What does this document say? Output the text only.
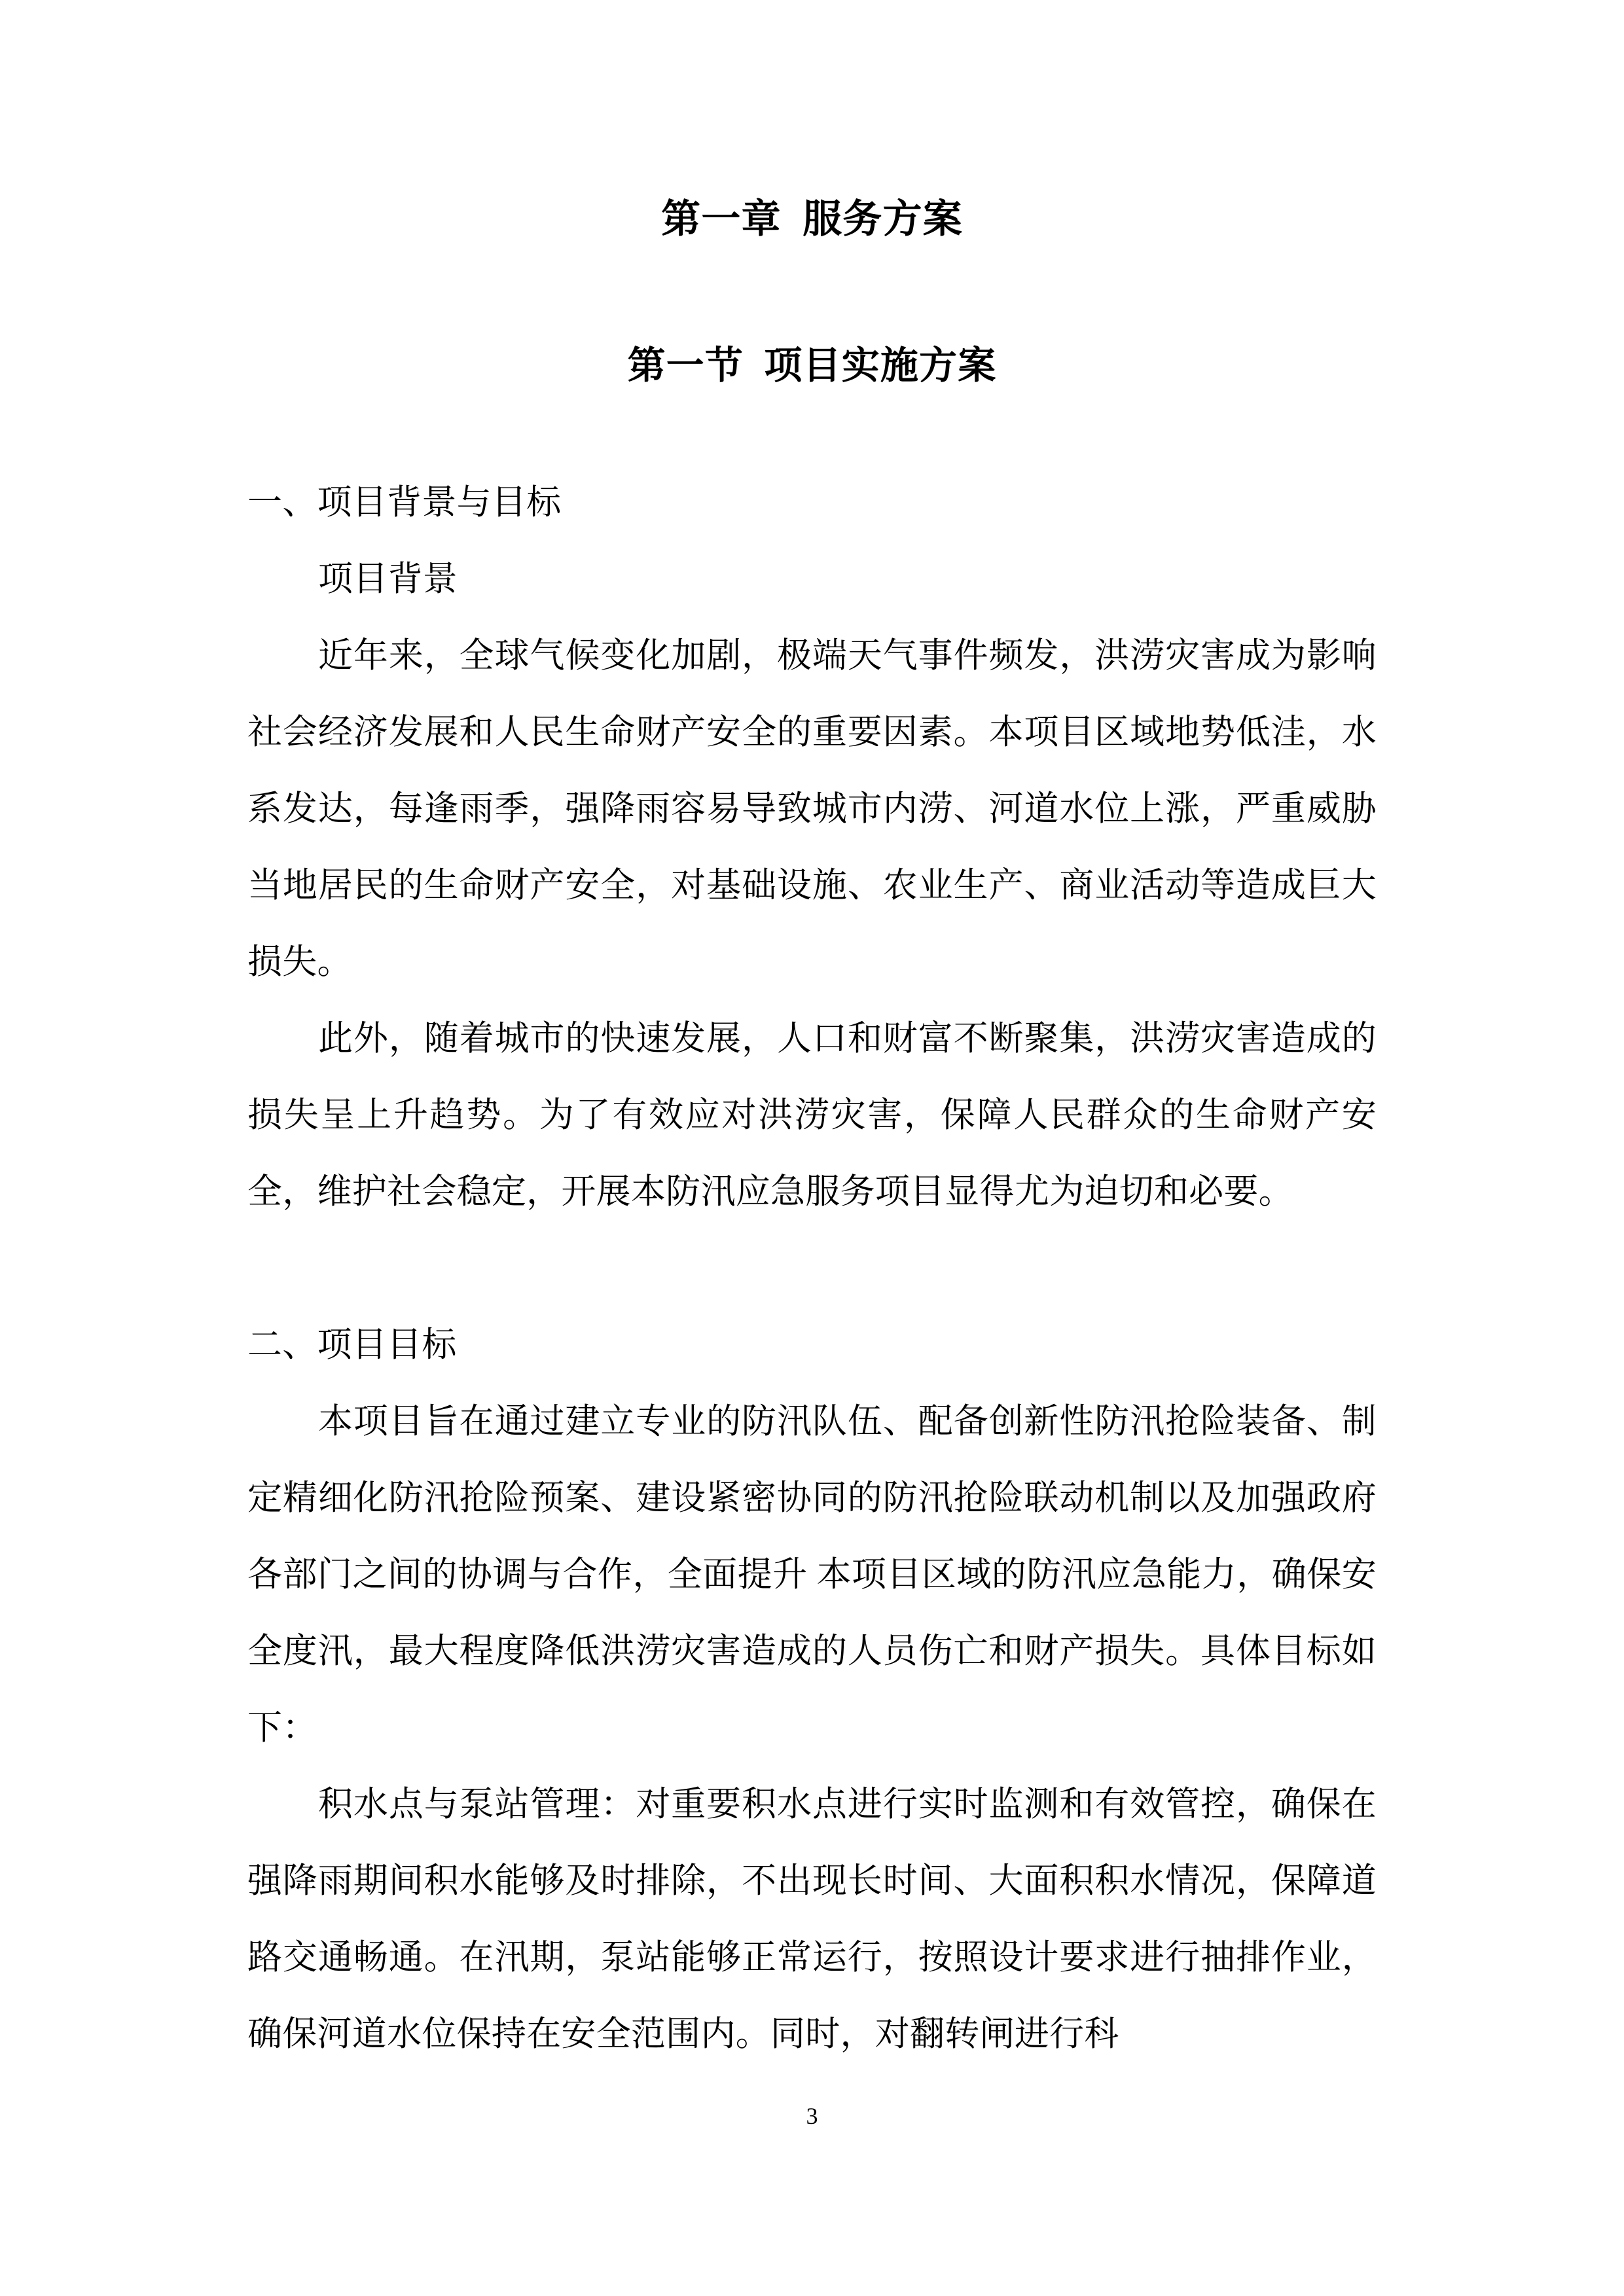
第一章  服务方案
第一节  项目实施方案

一、项目背景与目标

项目背景

近年来，全球气候变化加剧，极端天气事件频发，洪涝灾害成为影响社会经济发展和人民生命财产安全的重要因素。本项目区域地势低洼，水系发达，每逢雨季，强降雨容易导致城市内涝、河道水位上涨，严重威胁当地居民的生命财产安全，对基础设施、农业生产、商业活动等造成巨大损失。

此外，随着城市的快速发展，人口和财富不断聚集，洪涝灾害造成的损失呈上升趋势。为了有效应对洪涝灾害，保障人民群众的生命财产安全，维护社会稳定，开展本防汛应急服务项目显得尤为迫切和必要。

二、项目目标

本项目旨在通过建立专业的防汛队伍、配备创新性防汛抢险装备、制定精细化防汛抢险预案、建设紧密协同的防汛抢险联动机制以及加强政府各部门之间的协调与合作，全面提升 本项目区域的防汛应急能力，确保安全度汛，最大程度降低洪涝灾害造成的人员伤亡和财产损失。具体目标如下：

积水点与泵站管理：对重要积水点进行实时监测和有效管控，确保在强降雨期间积水能够及时排除，不出现长时间、大面积积水情况，保障道路交通畅通。在汛期，泵站能够正常运行，按照设计要求进行抽排作业，确保河道水位保持在安全范围内。同时，对翻转闸进行科

3
